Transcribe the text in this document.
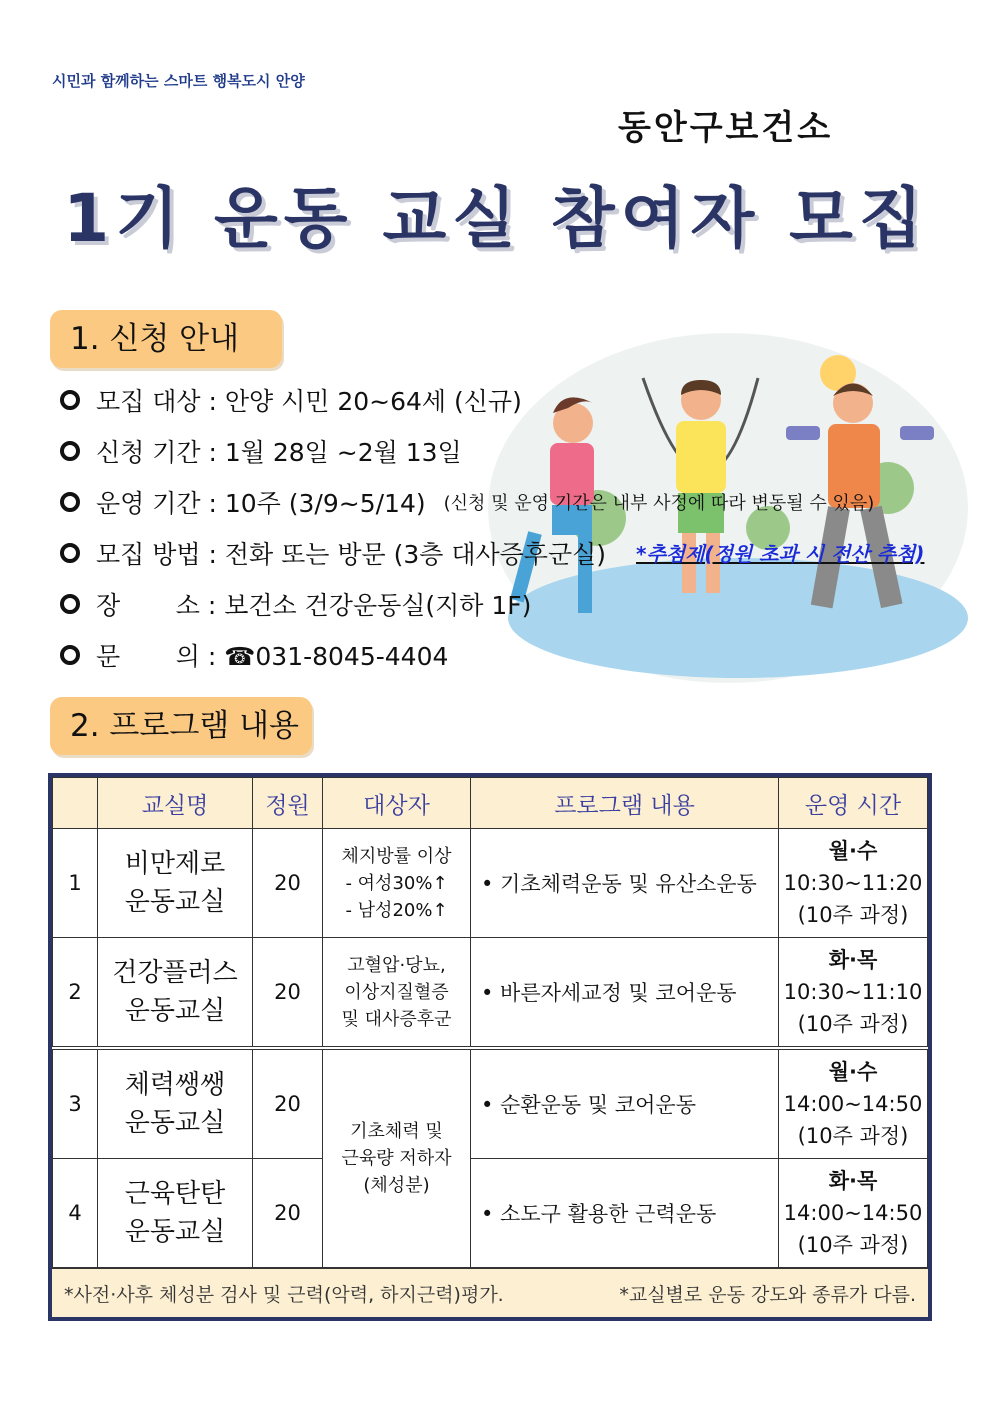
시민과 함께하는 스마트 행복도시 안양
동안구보건소
1기 운동 교실 참여자 모집
1. 신청 안내
모집 대상 : 안양 시민 20~64세 (신규)
신청 기간 : 1월 28일 ~2월 13일
운영 기간 : 10주 (3/9~5/14) (신청 및 운영 기간은 내부 사정에 따라 변동될 수 있음)
모집 방법 : 전화 또는 방문 (3층 대사증후군실) *추첨제(정원 초과 시 전산 추첨)
장       소 : 보건소 건강운동실(지하 1F)
문       의 : ☎031-8045-4404
2. 프로그램 내용
	교실명	정원	대상자	프로그램 내용	운영 시간
1	비만제로
운동교실	20	체지방률 이상
- 여성30%↑
- 남성20%↑	• 기초체력운동 및 유산소운동	월·수
10:30~11:20
(10주 과정)
2	건강플러스
운동교실	20	고혈압·당뇨,
이상지질혈증
및 대사증후군	• 바른자세교정 및 코어운동	화·목
10:30~11:10
(10주 과정)
3	체력쌩쌩
운동교실	20	기초체력 및
근육량 저하자
(체성분)	• 순환운동 및 코어운동	월·수
14:00~14:50
(10주 과정)
4	근육탄탄
운동교실	20		• 소도구 활용한 근력운동	화·목
14:00~14:50
(10주 과정)
*사전·사후 체성분 검사 및 근력(악력, 하지근력)평가.	*교실별로 운동 강도와 종류가 다름.
